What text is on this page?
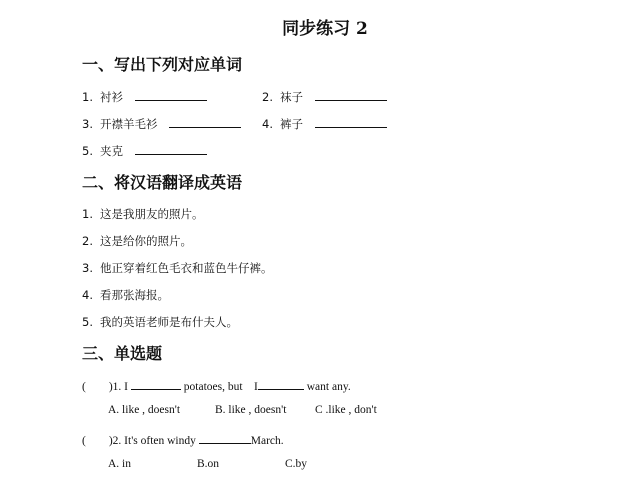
同步练习 2
一、写出下列对应单词
1. 衬衫	2. 袜子
3. 开襟羊毛衫	4. 裤子
5. 夹克
二、将汉语翻译成英语
1. 这是我朋友的照片。
2. 这是给你的照片。
3. 他正穿着红色毛衣和蓝色牛仔裤。
4. 看那张海报。
5. 我的英语老师是布什夫人。
三、单选题
(        )1. I	potatoes, but    I	want any.
A. like , doesn't	B. like , doesn't C .like , don't
(        )2. It's often windy	March.
A. in	B.on	C.by
